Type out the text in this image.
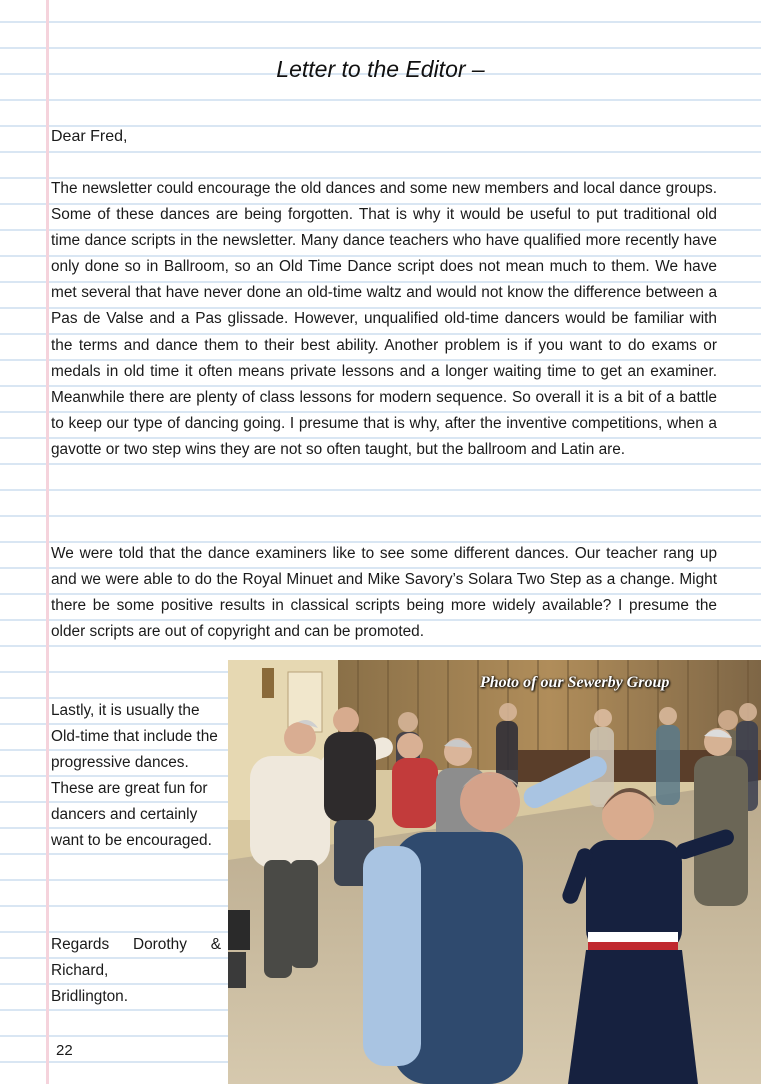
Letter to the Editor –
Dear Fred,

The newsletter could encourage the old dances and some new members and local dance groups. Some of these dances are being forgotten. That is why it would be useful to put traditional old time dance scripts in the newsletter. Many dance teachers who have qualified more recently have only done so in Ballroom, so an Old Time Dance script does not mean much to them. We have met several that have never done an old-time waltz and would not know the difference between a Pas de Valse and a Pas glissade. However, unqualified old-time dancers would be familiar with the terms and dance them to their best ability. Another problem is if you want to do exams or medals in old time it often means private lessons and a longer waiting time to get an examiner. Meanwhile there are plenty of class lessons for modern sequence. So overall it is a bit of a battle to keep our type of dancing going. I presume that is why, after the inventive competitions, when a gavotte or two step wins they are not so often taught, but the ballroom and Latin are.

We were told that the dance examiners like to see some different dances. Our teacher rang up and we were able to do the Royal Minuet and Mike Savory’s Solara Two Step as a change. Might there be some positive results in classical scripts being more widely available? I presume the older scripts are out of copyright and can be promoted.

Lastly, it is usually the Old-time that include the progressive dances. These are great fun for dancers and certainly want to be encouraged.

Regards Dorothy &
Richard,
Bridlington.
22
Photo of our Sewerby Group
